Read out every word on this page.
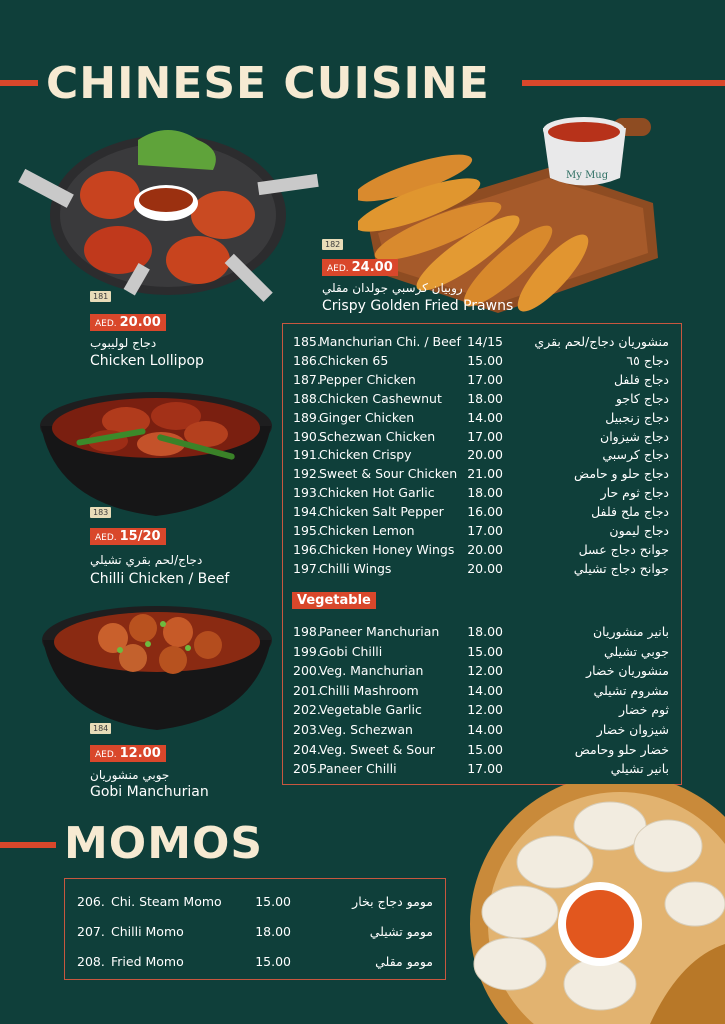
CHINESE CUISINE
My Mug
181
AED. 20.00
دجاج لوليبوب
Chicken Lollipop
182
AED. 24.00
روبيان كرسبي جولدان مقلي
Crispy Golden Fried Prawns
183
AED. 15/20
دجاج/لحم بقري تشيلي
Chilli Chicken / Beef
184
AED. 12.00
جوبي منشوريان
Gobi Manchurian
185.
Manchurian Chi. / Beef 14/15	منشوريان دجاج/لحم بقري
186.
Chicken 65	15.00	دجاج ٦٥
187.
Pepper Chicken	17.00	دجاج فلفل
188.
Chicken Cashewnut	18.00	دجاج كاجو
189.
Ginger Chicken	14.00	دجاج زنجبيل
190.
Schezwan Chicken	17.00	دجاج شيزوان
191.
Chicken Crispy	20.00	دجاج كرسبي
192.
Sweet & Sour Chicken 21.00	دجاج حلو و حامض
193.
Chicken Hot Garlic	18.00	دجاج ثوم حار
194.
Chicken Salt Pepper	16.00	دجاج ملح فلفل
195.
Chicken Lemon	17.00	دجاج ليمون
196.
Chicken Honey Wings	20.00	جوانح دجاج عسل
197.
Chilli Wings	20.00	جوانح دجاج تشيلي
198.
Paneer Manchurian	18.00	بانير منشوريان
199.
Gobi Chilli	15.00	جوبي تشيلي
200.
Veg. Manchurian	12.00	منشوريان خضار
201.
Chilli Mashroom	14.00	مشروم تشيلي
202.
Vegetable Garlic	12.00	ثوم خضار
203.
Veg. Schezwan	14.00	شيزوان خضار
204.
Veg. Sweet & Sour	15.00	خضار حلو وحامض
205.
Paneer Chilli	17.00	بانير تشيلي
Vegetable
MOMOS
206. Chi. Steam Momo	15.00	مومو دجاج بخار
207. Chilli Momo	18.00	مومو تشيلي
208. Fried Momo	15.00	مومو مقلي
